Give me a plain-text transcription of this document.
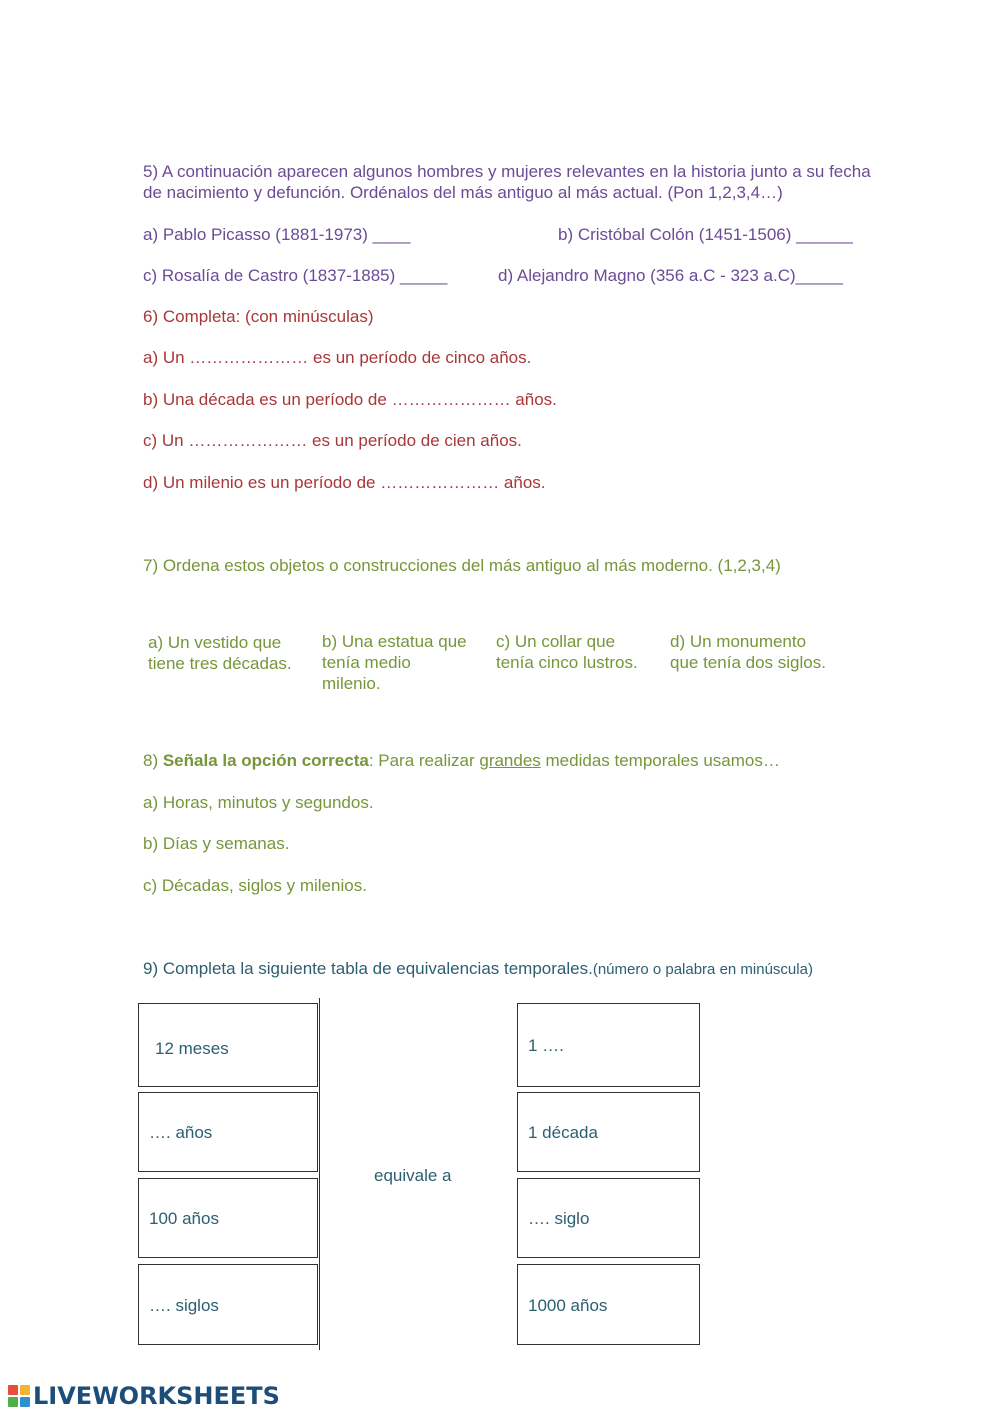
5) A continuación aparecen algunos hombres y mujeres relevantes en la historia junto a su fecha
de nacimiento y defunción. Ordénalos del más antiguo al más actual. (Pon 1,2,3,4…)
a) Pablo Picasso (1881-1973) ____	b) Cristóbal Colón (1451-1506) ______
c) Rosalía de Castro (1837-1885) _____	d) Alejandro Magno (356 a.C - 323 a.C)_____
6) Completa: (con minúsculas)
a) Un ………………… es un período de cinco años.
b) Una década es un período de ………………… años.
c) Un ………………… es un período de cien años.
d) Un milenio es un período de ………………… años.
7) Ordena estos objetos o construcciones del más antiguo al más moderno. (1,2,3,4)
a) Un vestido que tiene tres décadas.
b) Una estatua que tenía medio milenio.
c) Un collar que tenía cinco lustros.
d) Un monumento que tenía dos siglos.
8) Señala la opción correcta: Para realizar grandes medidas temporales usamos…
a) Horas, minutos y segundos.
b) Días y semanas.
c) Décadas, siglos y milenios.
9) Completa la siguiente tabla de equivalencias temporales.(número o palabra en minúscula)
12 meses
…. años
100 años
…. siglos
equivale a
1 ….
1 década
…. siglo
1000 años
LIVEWORKSHEETS
